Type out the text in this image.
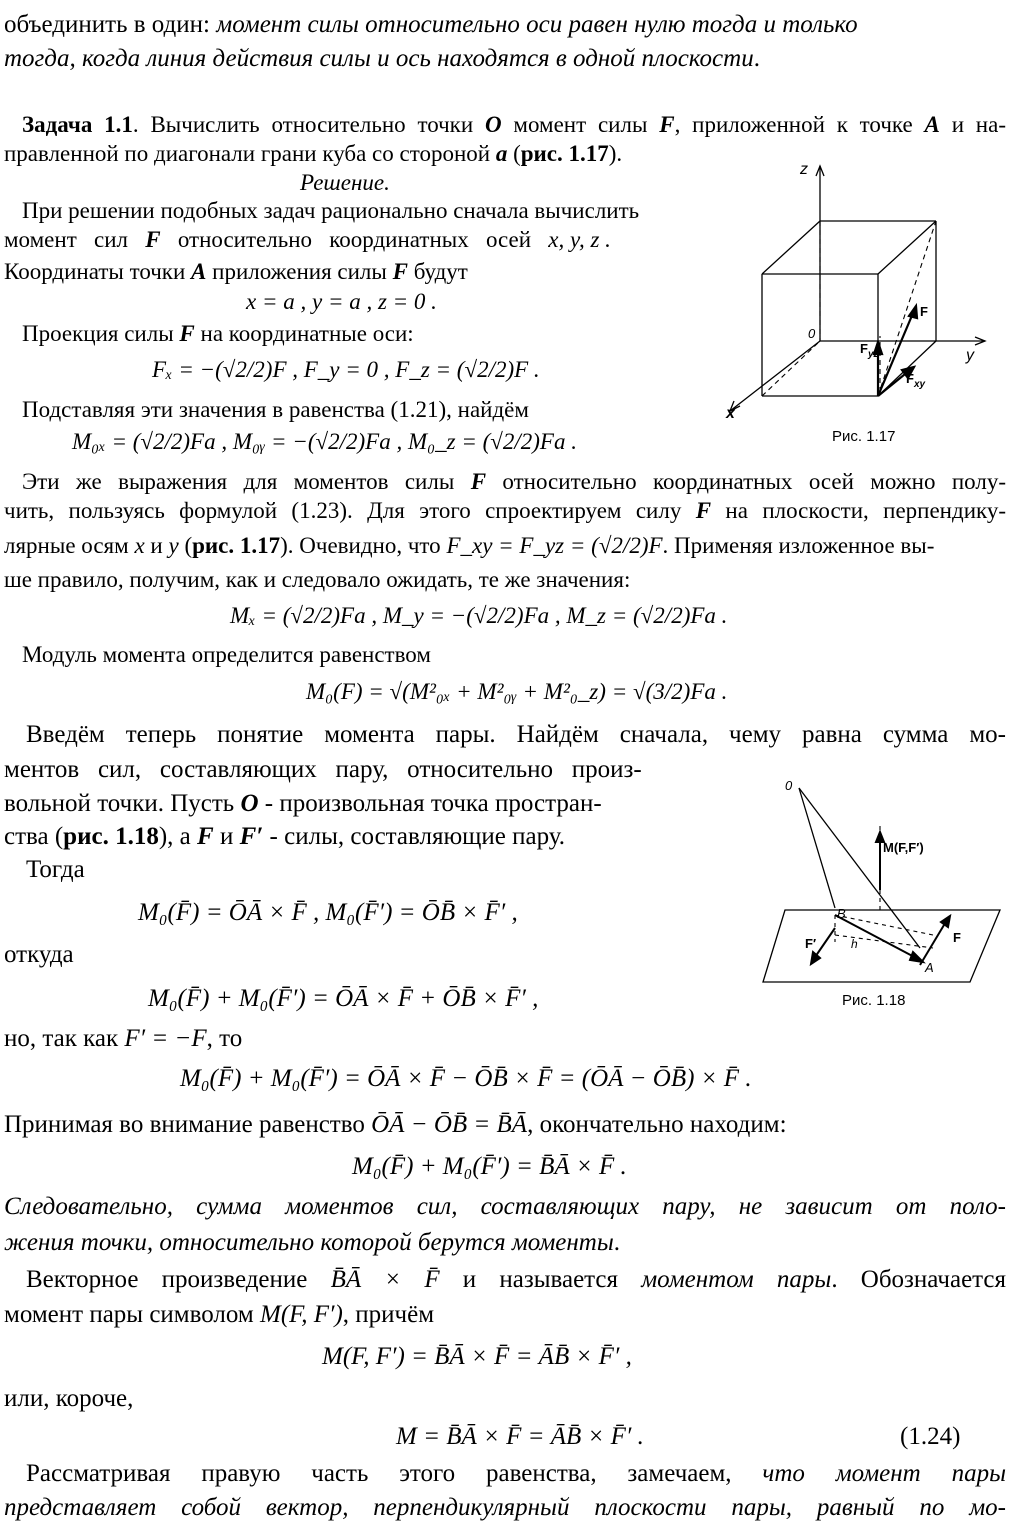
объединить в один: момент силы относительно оси равен нулю тогда и только
тогда, когда линия действия силы и ось находятся в одной плоскости.
Задача 1.1. Вычислить относительно точки O момент силы F, приложенной к точке A и на-
правленной по диагонали грани куба со стороной a (рис. 1.17).
Решение.
При решении подобных задач рационально сначала вычислить
момент   сил   F   относительно   координатных   осей   x, y, z .
Координаты точки A приложения силы F будут
x = a , y = a , z = 0 .
Проекция силы F на координатные оси:
Fₓ = −(√2/2)F , F_y = 0 , F_z = (√2/2)F .
Подставляя эти значения в равенства (1.21), найдём
M₀ₓ = (√2/2)Fa , M₀ᵧ = −(√2/2)Fa , M₀_z = (√2/2)Fa .
z
y
x
0
F
$F_{yz}$
$F_{xy}$
Рис. 1.17
Эти же выражения для моментов силы F относительно координатных осей можно полу-
чить, пользуясь формулой (1.23). Для этого спроектируем силу F на плоскости, перпендику-
лярные осям x и y (рис. 1.17). Очевидно, что F_xy = F_yz = (√2/2)F. Применяя изложенное вы-
ше правило, получим, как и следовало ожидать, те же значения:
Mₓ = (√2/2)Fa , M_y = −(√2/2)Fa , M_z = (√2/2)Fa .
Модуль момента определится равенством
M₀(F) = √(M²₀ₓ + M²₀ᵧ + M²₀_z) = √(3/2)Fa .
Введём теперь понятие момента пары. Найдём сначала, чему равна сумма мо-
ментов   сил,   составляющих   пару,   относительно   произ-
вольной точки. Пусть O - произвольная точка простран-
ства (рис. 1.18), а F и F′ - силы, составляющие пару.
Тогда
M₀(F̄) = ŌĀ × F̄ , M₀(F̄′) = ŌB̄ × F̄′ ,
откуда
M₀(F̄) + M₀(F̄′) = ŌĀ × F̄ + ŌB̄ × F̄′ ,
но, так как F′ = −F, то
M₀(F̄) + M₀(F̄′) = ŌĀ × F̄ − ŌB̄ × F̄ = (ŌĀ − ŌB̄) × F̄ .
Принимая во внимание равенство ŌĀ − ŌB̄ = B̄Ā, окончательно находим:
M₀(F̄) + M₀(F̄′) = B̄Ā × F̄ .
Следовательно, сумма моментов сил, составляющих пару, не зависит от поло-
жения точки, относительно которой берутся моменты.
0
M(F,F′)
B
A
F
F′	h
Рис. 1.18
Векторное произведение B̄Ā × F̄ и называется моментом пары. Обозначается
момент пары символом M(F, F′), причём
M(F, F′) = B̄Ā × F̄ = ĀB̄ × F̄′ ,
или, короче,
M = B̄Ā × F̄ = ĀB̄ × F̄′ .	(1.24)
Рассматривая правую часть этого равенства, замечаем, что момент пары
представляет собой вектор, перпендикулярный плоскости пары, равный по мо-
